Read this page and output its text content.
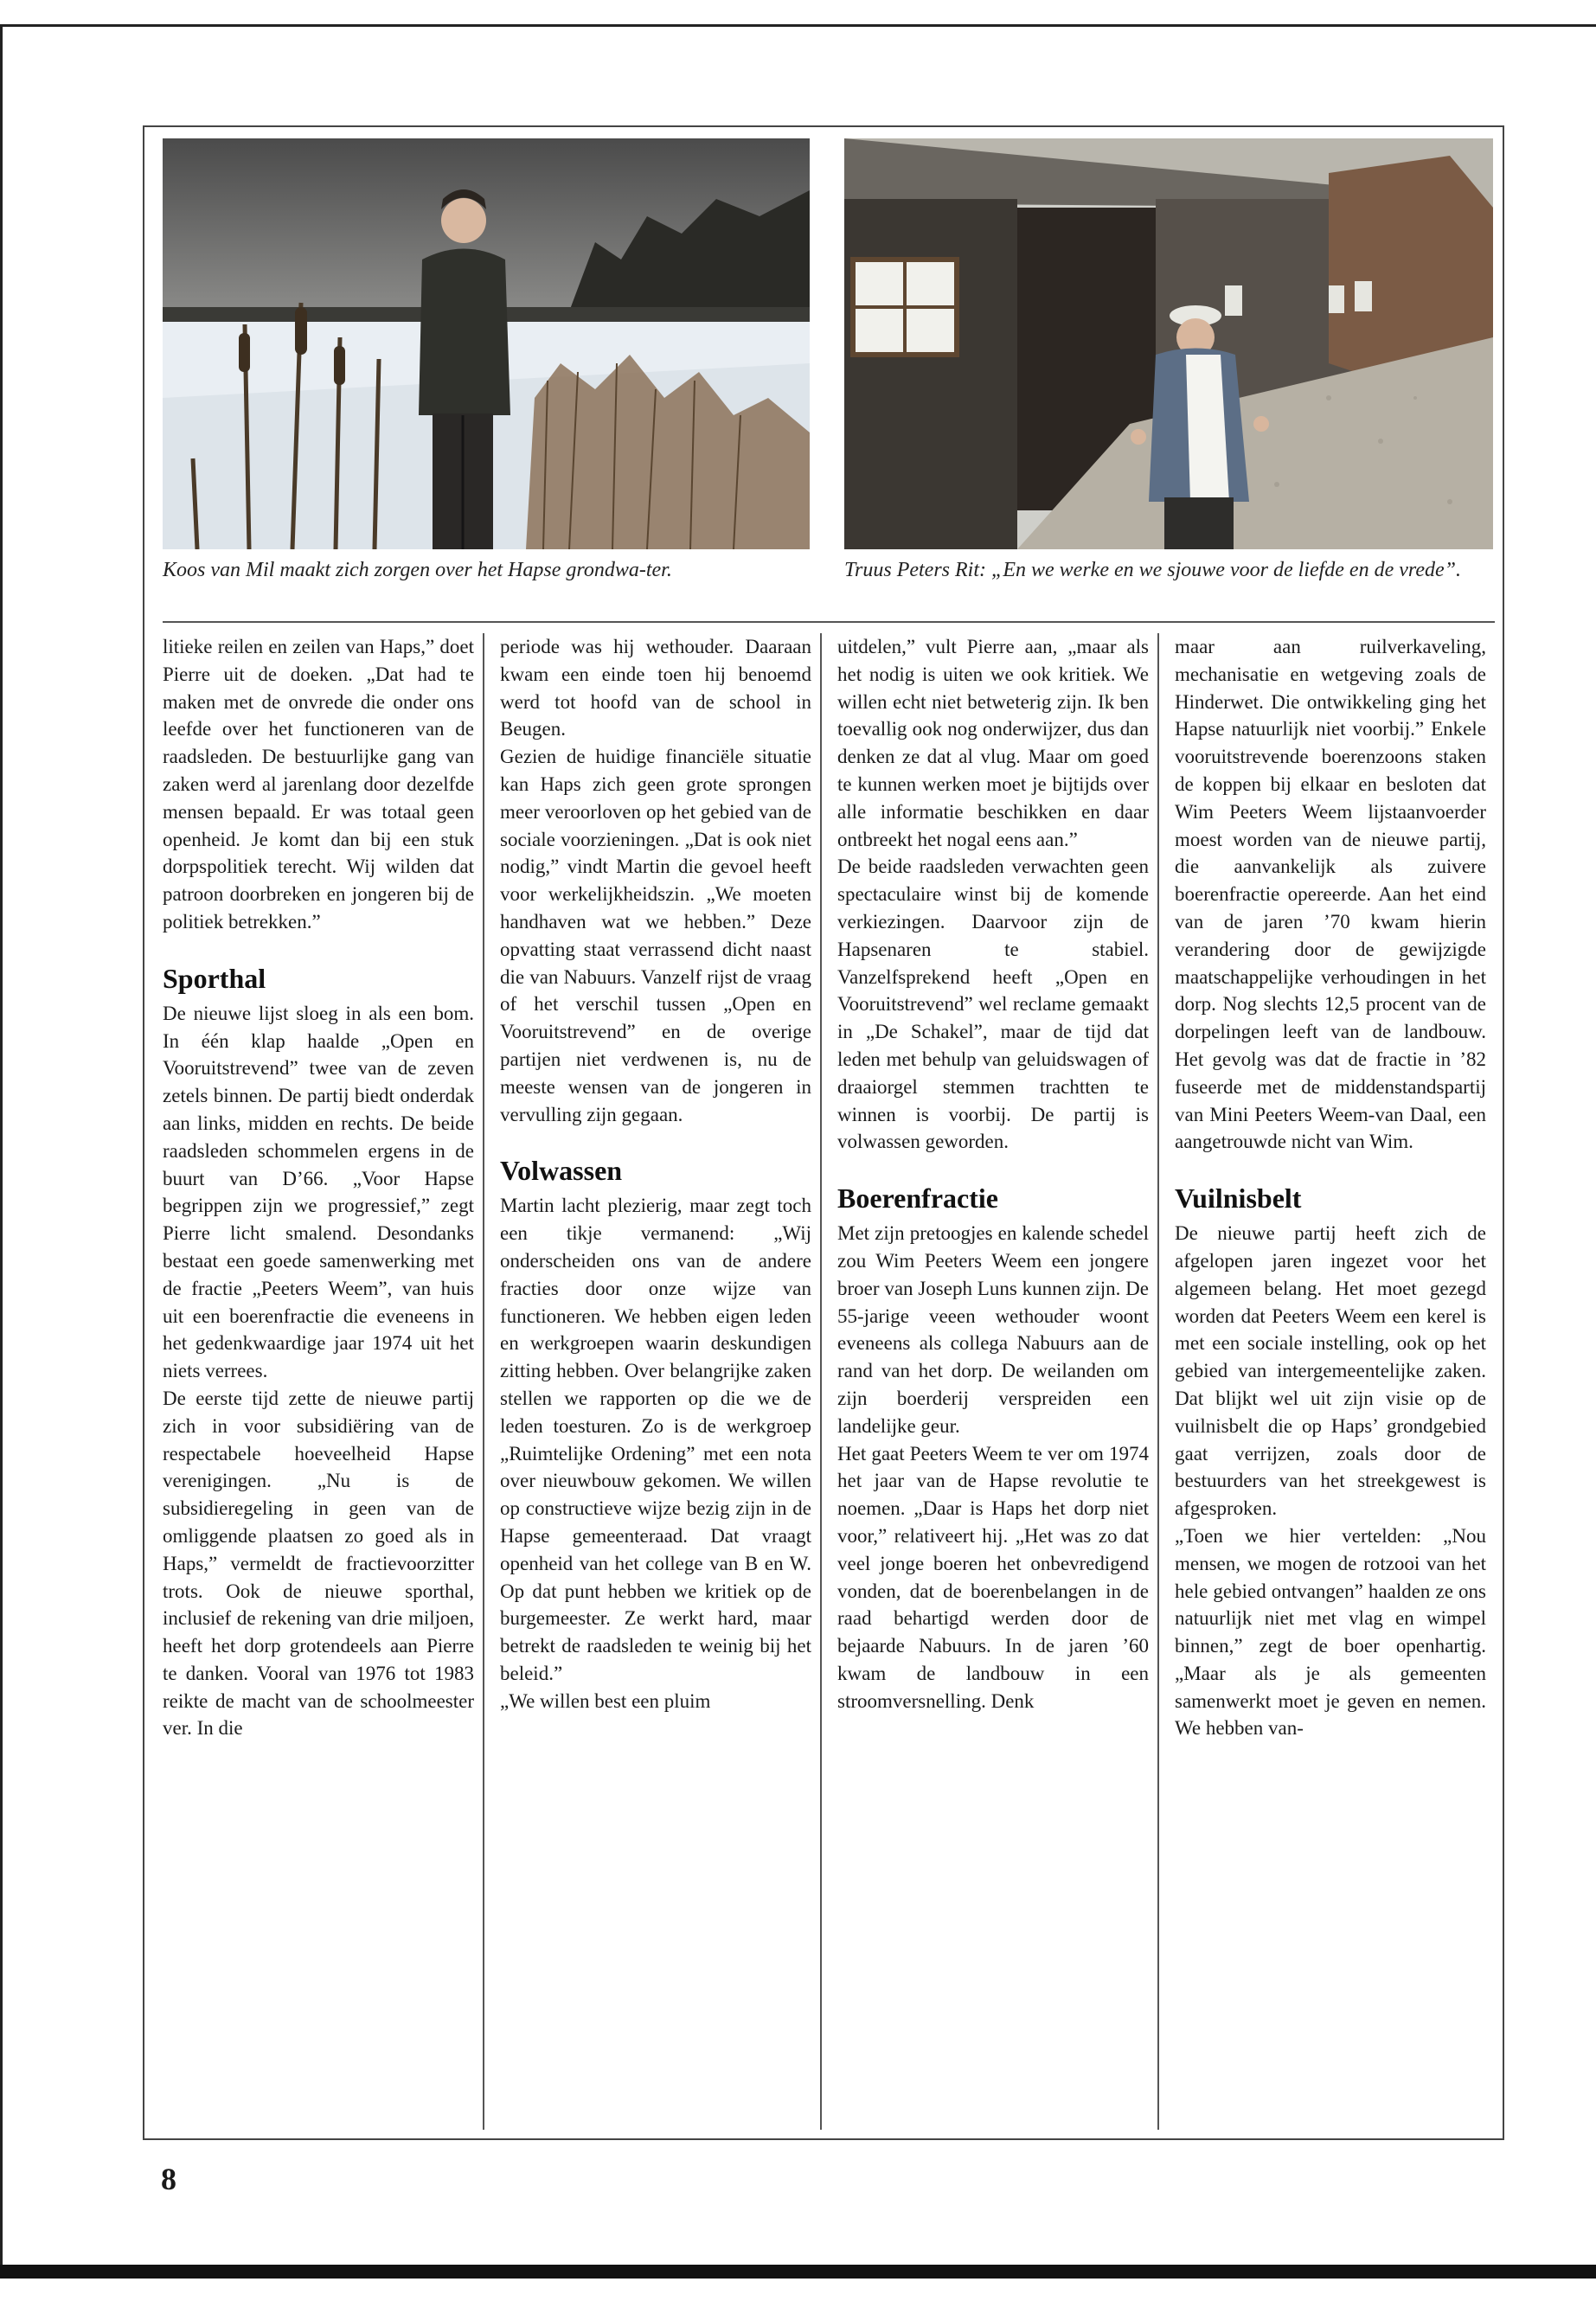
Koos van Mil maakt zich zorgen over het Hapse grondwa-ter.	Truus Peters Rit: „En we werke en we sjouwe voor de liefde en de vrede”.

litieke reilen en zeilen van Haps,” doet Pierre uit de doeken. „Dat had te maken met de onvrede die onder ons leefde over het functioneren van de raadsleden. De bestuurlijke gang van zaken werd al jarenlang door dezelfde mensen bepaald. Er was totaal geen openheid. Je komt dan bij een stuk dorpspolitiek terecht. Wij wilden dat patroon doorbreken en jongeren bij de politiek betrekken.”

Sporthal

De nieuwe lijst sloeg in als een bom. In één klap haalde „Open en Vooruitstrevend” twee van de zeven zetels binnen. De partij biedt onderdak aan links, midden en rechts. De beide raadsleden schommelen ergens in de buurt van D’66. „Voor Hapse begrippen zijn we progressief,” zegt Pierre licht smalend. Desondanks bestaat een goede samenwerking met de fractie „Peeters Weem”, van huis uit een boerenfractie die eveneens in het gedenkwaardige jaar 1974 uit het niets verrees.

De eerste tijd zette de nieuwe partij zich in voor subsidiëring van de respectabele hoeveelheid Hapse verenigingen. „Nu is de subsidieregeling in geen van de omliggende plaatsen zo goed als in Haps,” vermeldt de fractievoorzitter trots. Ook de nieuwe sporthal, inclusief de rekening van drie miljoen, heeft het dorp grotendeels aan Pierre te danken. Vooral van 1976 tot 1983 reikte de macht van de schoolmeester ver. In die

periode was hij wethouder. Daaraan kwam een einde toen hij benoemd werd tot hoofd van de school in Beugen.

Gezien de huidige financiële situatie kan Haps zich geen grote sprongen meer veroorloven op het gebied van de sociale voorzieningen. „Dat is ook niet nodig,” vindt Martin die gevoel heeft voor werkelijkheidszin. „We moeten handhaven wat we hebben.” Deze opvatting staat verrassend dicht naast die van Nabuurs. Vanzelf rijst de vraag of het verschil tussen „Open en Vooruitstrevend” en de overige partijen niet verdwenen is, nu de meeste wensen van de jongeren in vervulling zijn gegaan.

Volwassen

Martin lacht plezierig, maar zegt toch een tikje vermanend: „Wij onderscheiden ons van de andere fracties door onze wijze van functioneren. We hebben eigen leden en werkgroepen waarin deskundigen zitting hebben. Over belangrijke zaken stellen we rapporten op die we de leden toesturen. Zo is de werkgroep „Ruimtelijke Ordening” met een nota over nieuwbouw gekomen. We willen op constructieve wijze bezig zijn in de Hapse gemeenteraad. Dat vraagt openheid van het college van B en W. Op dat punt hebben we kritiek op de burgemeester. Ze werkt hard, maar betrekt de raadsleden te weinig bij het beleid.”

„We willen best een pluim

uitdelen,” vult Pierre aan, „maar als het nodig is uiten we ook kritiek. We willen echt niet betweterig zijn. Ik ben toevallig ook nog onderwijzer, dus dan denken ze dat al vlug. Maar om goed te kunnen werken moet je bijtijds over alle informatie beschikken en daar ontbreekt het nogal eens aan.”

De beide raadsleden verwachten geen spectaculaire winst bij de komende verkiezingen. Daarvoor zijn de Hapsenaren te stabiel. Vanzelfsprekend heeft „Open en Vooruitstrevend” wel reclame gemaakt in „De Schakel”, maar de tijd dat leden met behulp van geluidswagen of draaiorgel stemmen trachtten te winnen is voorbij. De partij is volwassen geworden.

Boerenfractie

Met zijn pretoogjes en kalende schedel zou Wim Peeters Weem een jongere broer van Joseph Luns kunnen zijn. De 55-jarige veeen wethouder woont eveneens als collega Nabuurs aan de rand van het dorp. De weilanden om zijn boerderij verspreiden een landelijke geur.

Het gaat Peeters Weem te ver om 1974 het jaar van de Hapse revolutie te noemen. „Daar is Haps het dorp niet voor,” relativeert hij. „Het was zo dat veel jonge boeren het onbevredigend vonden, dat de boerenbelangen in de raad behartigd werden door de bejaarde Nabuurs. In de jaren ’60 kwam de landbouw in een stroomversnelling. Denk

maar aan ruilverkaveling, mechanisatie en wetgeving zoals de Hinderwet. Die ontwikkeling ging het Hapse natuurlijk niet voorbij.” Enkele vooruitstrevende boerenzoons staken de koppen bij elkaar en besloten dat Wim Peeters Weem lijstaanvoerder moest worden van de nieuwe partij, die aanvankelijk als zuivere boerenfractie opereerde. Aan het eind van de jaren ’70 kwam hierin verandering door de gewijzigde maatschappelijke verhoudingen in het dorp. Nog slechts 12,5 procent van de dorpelingen leeft van de landbouw. Het gevolg was dat de fractie in ’82 fuseerde met de middenstandspartij van Mini Peeters Weem-van Daal, een aangetrouwde nicht van Wim.

Vuilnisbelt

De nieuwe partij heeft zich de afgelopen jaren ingezet voor het algemeen belang. Het moet gezegd worden dat Peeters Weem een kerel is met een sociale instelling, ook op het gebied van intergemeentelijke zaken. Dat blijkt wel uit zijn visie op de vuilnisbelt die op Haps’ grondgebied gaat verrijzen, zoals door de bestuurders van het streekgewest is afgesproken.

„Toen we hier vertelden: „Nou mensen, we mogen de rotzooi van het hele gebied ontvangen” haalden ze ons natuurlijk niet met vlag en wimpel binnen,” zegt de boer openhartig. „Maar als je als gemeenten samenwerkt moet je geven en nemen. We hebben van-

8
